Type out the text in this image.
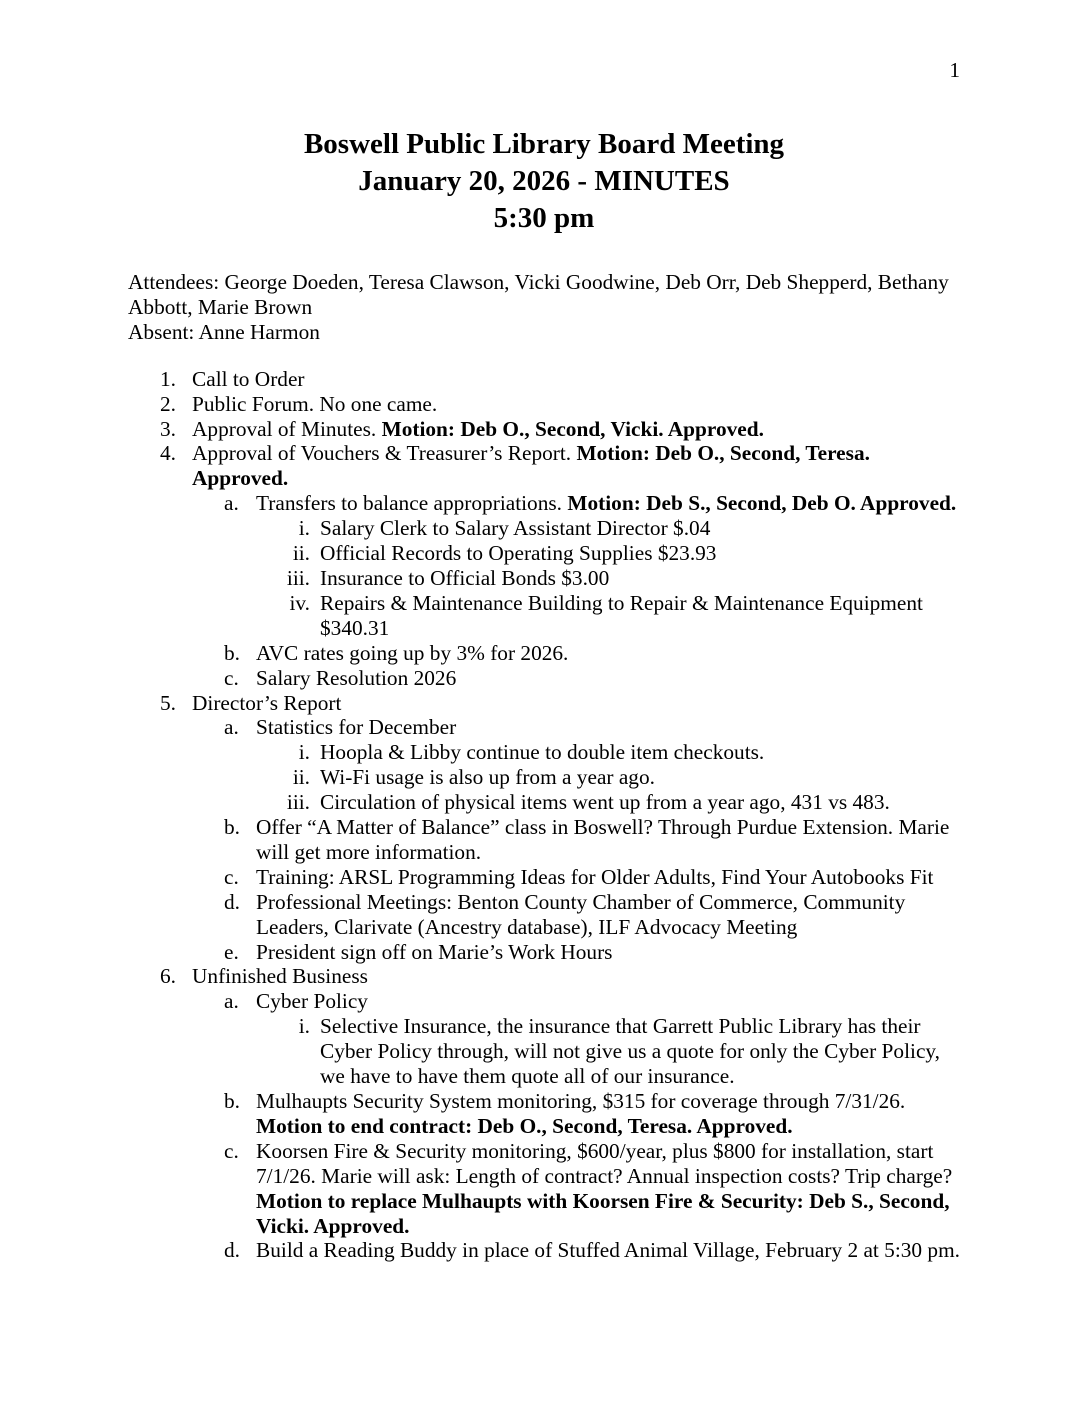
1
Boswell Public Library Board Meeting
January 20, 2026 - MINUTES
5:30 pm
Attendees: George Doeden, Teresa Clawson, Vicki Goodwine, Deb Orr, Deb Shepperd, Bethany Abbott, Marie Brown
Absent: Anne Harmon
1. Call to Order
2. Public Forum. No one came.
3. Approval of Minutes. Motion: Deb O., Second, Vicki. Approved.
4. Approval of Vouchers & Treasurer’s Report. Motion: Deb O., Second, Teresa. Approved.
a. Transfers to balance appropriations. Motion: Deb S., Second, Deb O. Approved.
i. Salary Clerk to Salary Assistant Director $.04
ii. Official Records to Operating Supplies $23.93
iii. Insurance to Official Bonds $3.00
iv. Repairs & Maintenance Building to Repair & Maintenance Equipment $340.31
b. AVC rates going up by 3% for 2026.
c. Salary Resolution 2026
5. Director’s Report
a. Statistics for December
i. Hoopla & Libby continue to double item checkouts.
ii. Wi-Fi usage is also up from a year ago.
iii. Circulation of physical items went up from a year ago, 431 vs 483.
b. Offer “A Matter of Balance” class in Boswell? Through Purdue Extension. Marie will get more information.
c. Training: ARSL Programming Ideas for Older Adults, Find Your Autobooks Fit
d. Professional Meetings: Benton County Chamber of Commerce, Community Leaders, Clarivate (Ancestry database), ILF Advocacy Meeting
e. President sign off on Marie’s Work Hours
6. Unfinished Business
a. Cyber Policy
i. Selective Insurance, the insurance that Garrett Public Library has their Cyber Policy through, will not give us a quote for only the Cyber Policy, we have to have them quote all of our insurance.
b. Mulhaupts Security System monitoring, $315 for coverage through 7/31/26. Motion to end contract: Deb O., Second, Teresa. Approved.
c. Koorsen Fire & Security monitoring, $600/year, plus $800 for installation, start 7/1/26. Marie will ask: Length of contract? Annual inspection costs? Trip charge? Motion to replace Mulhaupts with Koorsen Fire & Security: Deb S., Second, Vicki. Approved.
d. Build a Reading Buddy in place of Stuffed Animal Village, February 2 at 5:30 pm.
